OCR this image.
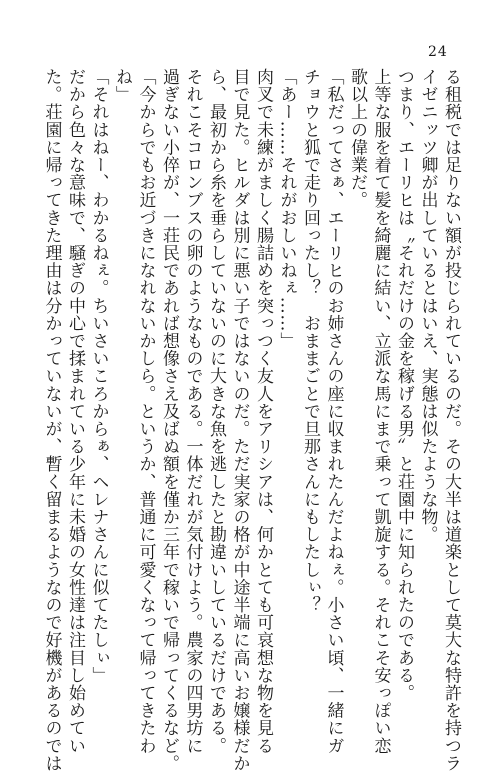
24

る租税では足りない額が投じられているのだ。その大半は道楽として莫大な特許を持つラ

イゼニッツ卿が出しているとはいえ、実態は似たような物。

つまり、エーリヒは〝それだけの金を稼げる男〟と荘園中に知られたのである。

上等な服を着て髪を綺麗に結い、立派な馬にまで乗って凱旋する。それこそ安っぽい恋

歌以上の偉業だ。

「私だってさぁ、エーリヒのお姉さんの座に収まれたんだよねぇ。小さい頃、一緒にガ

チョウと狐で走り回ったし？　おままごとで旦那さんにもしたしぃ？

「あー……それがおしいねぇ……」

肉叉で未練がましく腸詰めを突っつく友人をアリシアは、何かとても可哀想な物を見る

目で見た。ヒルダは別に悪い子ではないのだ。ただ実家の格が中途半端に高いお嬢様だか

ら、最初から糸を垂らしていないのに大きな魚を逃したと勘違いしているだけである。

それこそコロンブスの卵のようなものである。一体だれが気付けよう。農家の四男坊に

過ぎない小倅が、一荘民であれば想像さえ及ばぬ額を僅か三年で稼いで帰ってくるなど。

「今からでもお近づきになれないかしら。というか、普通に可愛くなって帰ってきたわ

ね」

「それはねー、わかるねぇ。ちいさいころからぁ、ヘレナさんに似てたしぃ」

だから色々な意味で、騒ぎの中心で揉まれている少年に未婚の女性達は注目し始めてい

た。荘園に帰ってきた理由は分かっていないが、暫く留まるようなので好機があるのでは
